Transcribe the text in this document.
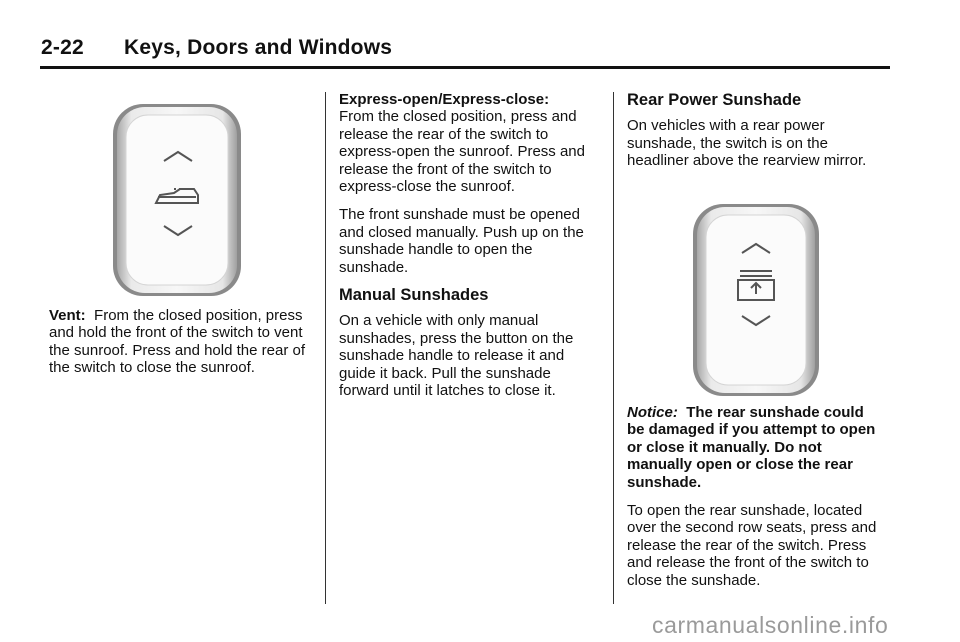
2-22 Keys, Doors and Windows

Vent: From the closed position, press and hold the front of the switch to vent the sunroof. Press and hold the rear of the switch to close the sunroof.

Express-open/Express-close:
From the closed position, press and release the rear of the switch to express-open the sunroof. Press and release the front of the switch to express-close the sunroof.

The front sunshade must be opened and closed manually. Push up on the sunshade handle to open the sunshade.

Manual Sunshades

On a vehicle with only manual sunshades, press the button on the sunshade handle to release it and guide it back. Pull the sunshade forward until it latches to close it.

Rear Power Sunshade

On vehicles with a rear power sunshade, the switch is on the headliner above the rearview mirror.

Notice: The rear sunshade could be damaged if you attempt to open or close it manually. Do not manually open or close the rear sunshade.

To open the rear sunshade, located over the second row seats, press and release the rear of the switch. Press and release the front of the switch to close the sunshade.

carmanualsonline.info
